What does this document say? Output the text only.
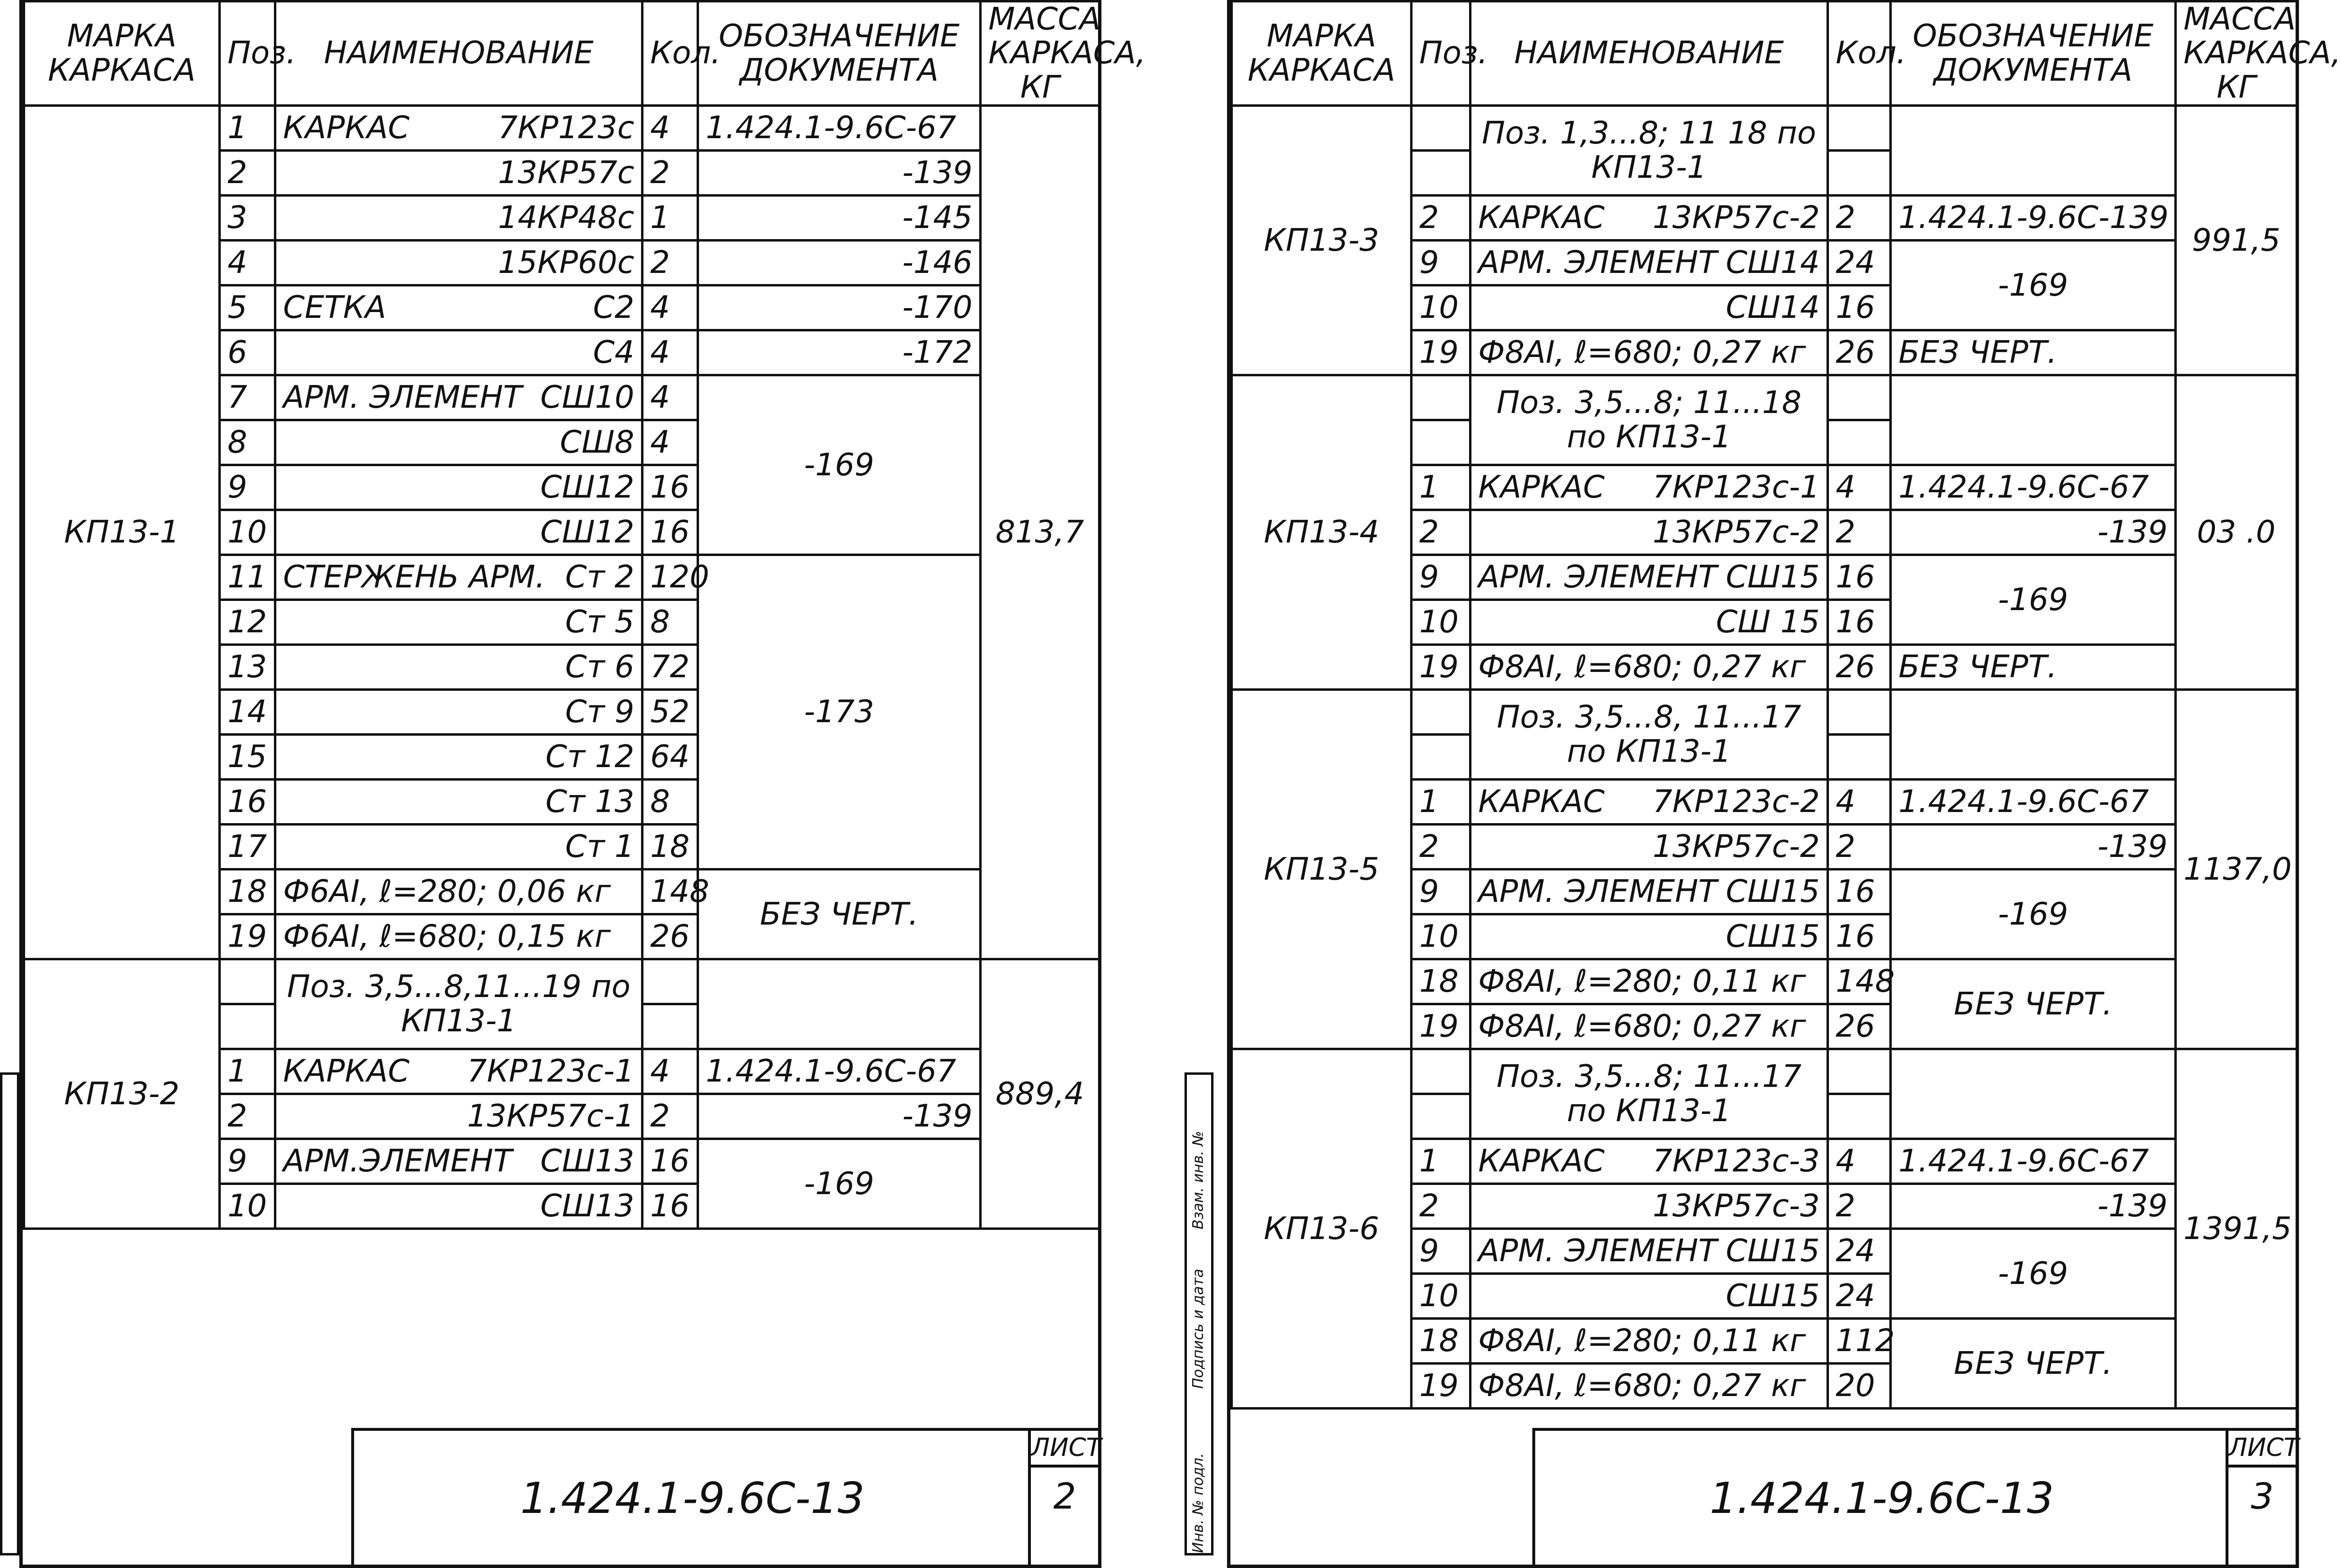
МАРКА КАРКАСА	Поз.	НАИМЕНОВАНИЕ	Кол.	ОБОЗНАЧЕНИЕ ДОКУМЕНТА	МАССА КАРКАСА, КГ
КП13-1	1	КАРКАС 7КР123с	4	1.424.1-9.6С-67	813,7
	2	13КР57с	2	-139	
	3	14КР48с	1	-145	
	4	15КР60с	2	-146	
	5	СЕТКА С2	4	-170	
	6	С4	4	-172	
	7	АРМ. ЭЛЕМЕНТ СШ10	4	-169	
	8	СШ8	4		
	9	СШ12	16		
	10	СШ12	16		
	11	СТЕРЖЕНЬ АРМ. Ст 2	120	-173	
	12	Ст 5	8		
	13	Ст 6	72		
	14	Ст 9	52		
	15	Ст 12	64		
	16	Ст 13	8		
	17	Ст 1	18		
	18	Ф6АI, ℓ=280; 0,06 кг	148	БЕЗ ЧЕРТ.	
	19	Ф6АI, ℓ=680; 0,15 кг	26		
КП13-2		Поз. 3,5...8,11...19 по КП13-1			889,4

	1	КАРКАС 7КР123с-1	4	1.424.1-9.6С-67	
	2	13КР57с-1	2	-139	
	9	АРМ.ЭЛЕМЕНТ СШ13	16	-169	
	10	СШ13	16		
1.424.1-9.6С-13
ЛИСТ
2	Инв. № подл.
Подпись и дата
Взам. инв. №
МАРКА КАРКАСА	Поз.	НАИМЕНОВАНИЕ	Кол.	ОБОЗНАЧЕНИЕ ДОКУМЕНТА	МАССА КАРКАСА, КГ
КП13-3		Поз. 1,3...8; 11 18 по КП13-1			991,5

	2	КАРКАС 13КР57с-2	2	1.424.1-9.6С-139	
	9	АРМ. ЭЛЕМЕНТ СШ14	24	-169	
	10	СШ14	16		
	19	Ф8АI, ℓ=680; 0,27 кг	26	БЕЗ ЧЕРТ.	
КП13-4		Поз. 3,5...8; 11...18 по КП13-1			03 .0

	1	КАРКАС 7КР123с-1	4	1.424.1-9.6С-67	
	2	13КР57с-2	2	-139	
	9	АРМ. ЭЛЕМЕНТ СШ15	16	-169	
	10	СШ 15	16		
	19	Ф8АI, ℓ=680; 0,27 кг	26	БЕЗ ЧЕРТ.	
КП13-5		Поз. 3,5...8, 11...17 по КП13-1			1137,0

	1	КАРКАС 7КР123с-2	4	1.424.1-9.6С-67	
	2	13КР57с-2	2	-139	
	9	АРМ. ЭЛЕМЕНТ СШ15	16	-169	
	10	СШ15	16		
	18	Ф8АI, ℓ=280; 0,11 кг	148	БЕЗ ЧЕРТ.	
	19	Ф8АI, ℓ=680; 0,27 кг	26		
КП13-6		Поз. 3,5...8; 11...17 по КП13-1			1391,5

	1	КАРКАС 7КР123с-3	4	1.424.1-9.6С-67	
	2	13КР57с-3	2	-139	
	9	АРМ. ЭЛЕМЕНТ СШ15	24	-169	
	10	СШ15	24		
	18	Ф8АI, ℓ=280; 0,11 кг	112	БЕЗ ЧЕРТ.	
	19	Ф8АI, ℓ=680; 0,27 кг	20		
1.424.1-9.6С-13
ЛИСТ
3
